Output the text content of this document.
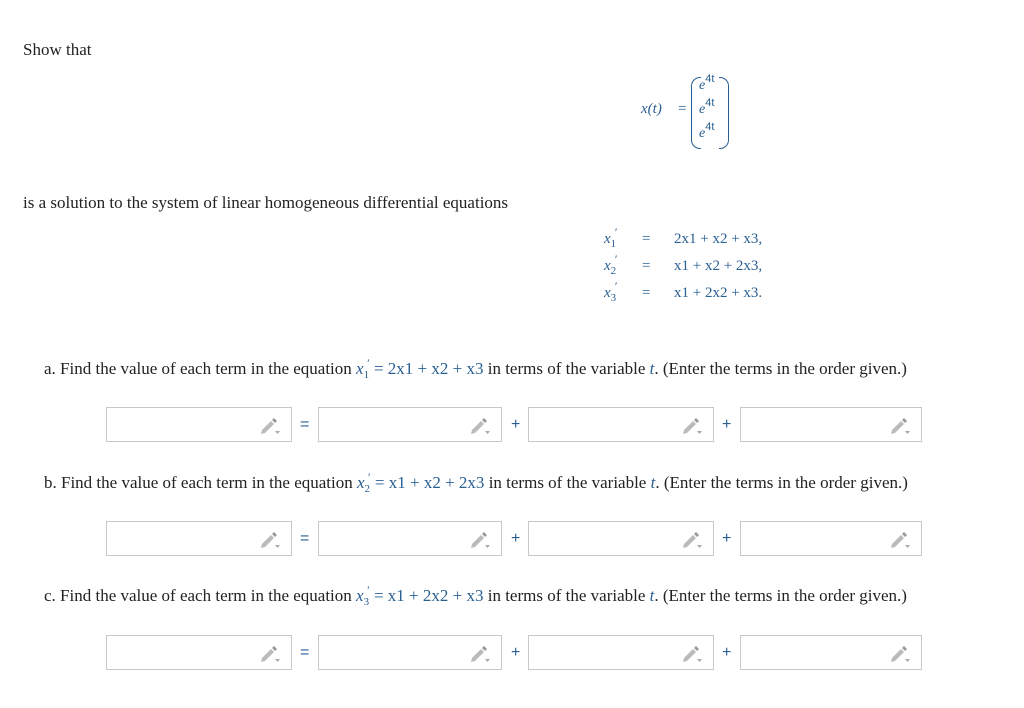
Show that
x(t) =
$e^{4t}$
$e^{4t}$
$e^{4t}$
is a solution to the system of linear homogeneous differential equations
$x_1' = 2x1 + x2 + x3$,
$x_2' = x1 + x2 + 2x3$,
$x_3' = x1 + 2x2 + x3$.
a. Find the value of each term in the equation $x_1' = 2x1 + x2 + x3$ in terms of the variable t. (Enter the terms in the order given.)
b. Find the value of each term in the equation $x_2' = x1 + x2 + 2x3$ in terms of the variable t. (Enter the terms in the order given.)
c. Find the value of each term in the equation $x_3' = x1 + 2x2 + x3$ in terms of the variable t. (Enter the terms in the order given.)
=	+	+
=	+	+
=	+	+
